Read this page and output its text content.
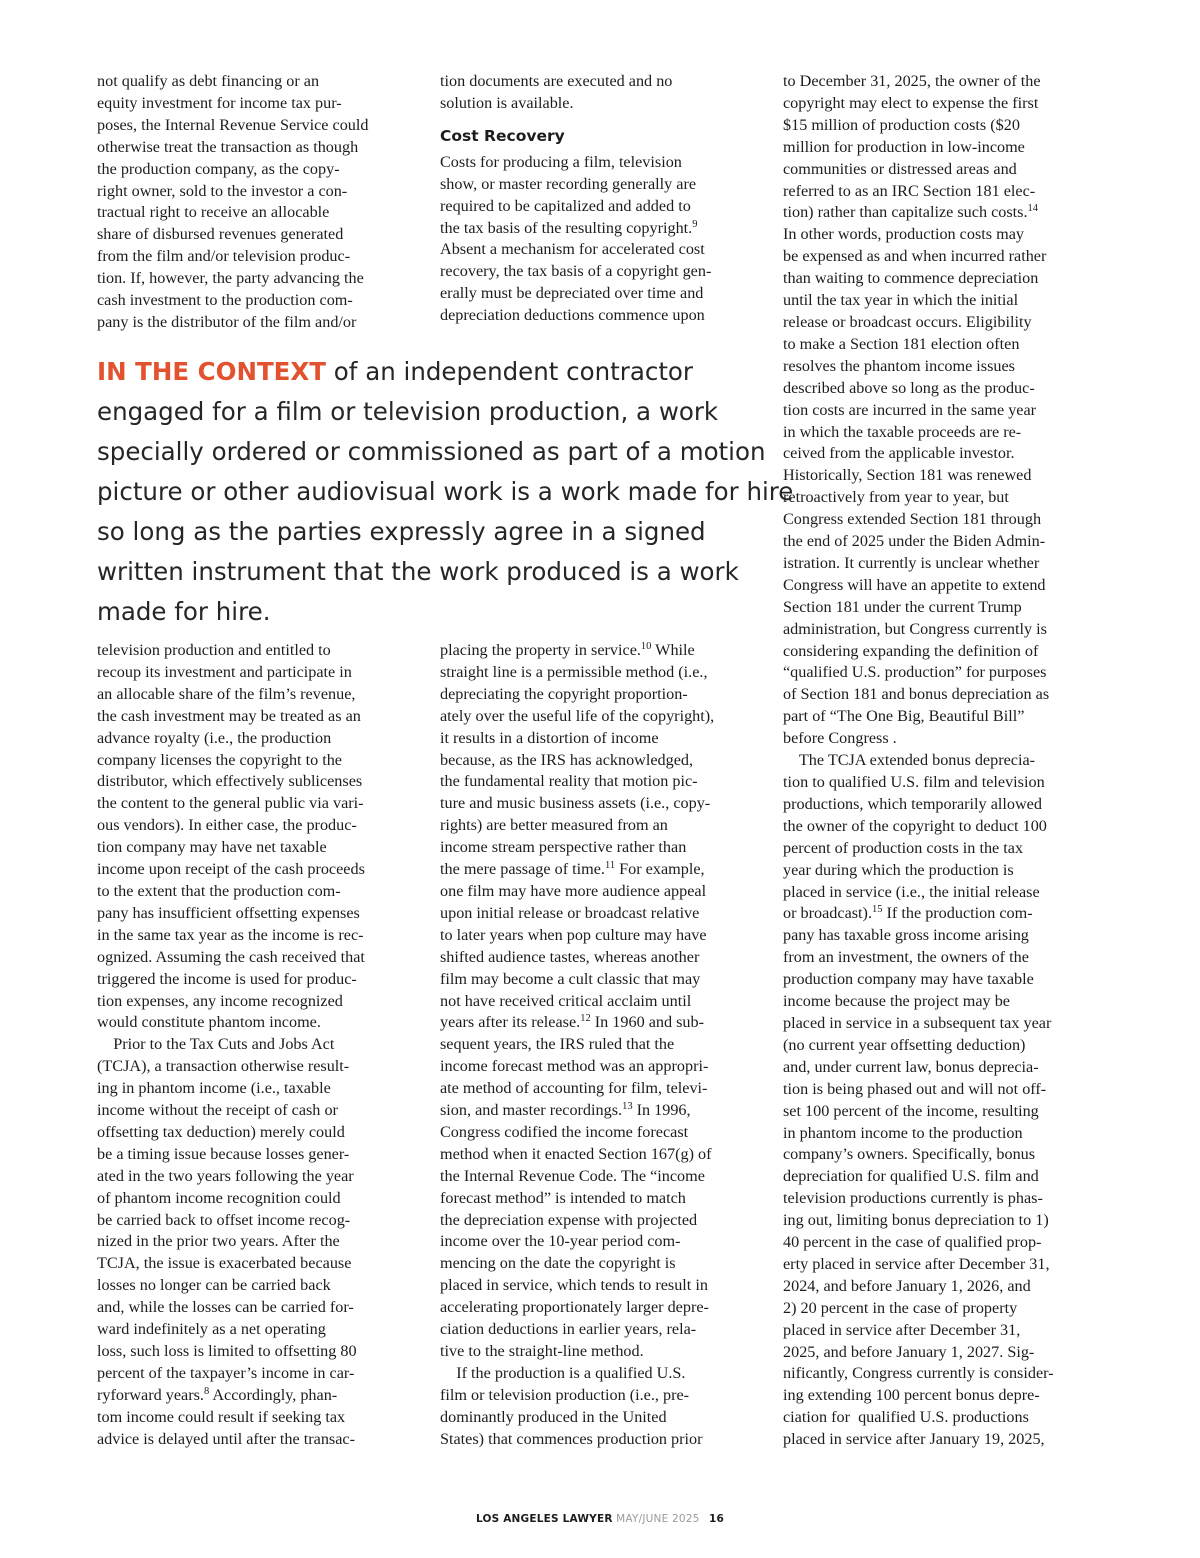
not qualify as debt financing or an

equity investment for income tax pur-

poses, the Internal Revenue Service could

otherwise treat the transaction as though

the production company, as the copy-

right owner, sold to the investor a con-

tractual right to receive an allocable

share of disbursed revenues generated

from the film and/or television produc-

tion. If, however, the party advancing the

cash investment to the production com-

pany is the distributor of the film and/or

tion documents are executed and no

solution is available.

Cost Recovery

Costs for producing a film, television

show, or master recording generally are

required to be capitalized and added to

the tax basis of the resulting copyright.$^9$

Absent a mechanism for accelerated cost

recovery, the tax basis of a copyright gen-

erally must be depreciated over time and

depreciation deductions commence upon

to December 31, 2025, the owner of the

copyright may elect to expense the first

$15 million of production costs ($20

million for production in low-income

communities or distressed areas and

referred to as an IRC Section 181 elec-

tion) rather than capitalize such costs.$^{14}$

In other words, production costs may

be expensed as and when incurred rather

than waiting to commence depreciation

until the tax year in which the initial

release or broadcast occurs. Eligibility

to make a Section 181 election often

resolves the phantom income issues

described above so long as the produc-

tion costs are incurred in the same year

in which the taxable proceeds are re-

ceived from the applicable investor.

Historically, Section 181 was renewed

retroactively from year to year, but

Congress extended Section 181 through

the end of 2025 under the Biden Admin-

istration. It currently is unclear whether

Congress will have an appetite to extend

Section 181 under the current Trump

administration, but Congress currently is

considering expanding the definition of

“qualified U.S. production” for purposes

of Section 181 and bonus depreciation as

part of “The One Big, Beautiful Bill”

before Congress .

The TCJA extended bonus deprecia-

tion to qualified U.S. film and television

productions, which temporarily allowed

the owner of the copyright to deduct 100

percent of production costs in the tax

year during which the production is

placed in service (i.e., the initial release

or broadcast).$^{15}$ If the production com-

pany has taxable gross income arising

from an investment, the owners of the

production company may have taxable

income because the project may be

placed in service in a subsequent tax year

(no current year offsetting deduction)

and, under current law, bonus deprecia-

tion is being phased out and will not off-

set 100 percent of the income, resulting

in phantom income to the production

company’s owners. Specifically, bonus

depreciation for qualified U.S. film and

television productions currently is phas-

ing out, limiting bonus depreciation to 1)

40 percent in the case of qualified prop-

erty placed in service after December 31,

2024, and before January 1, 2026, and

2) 20 percent in the case of property

placed in service after December 31,

2025, and before January 1, 2027. Sig-

nificantly, Congress currently is consider-

ing extending 100 percent bonus depre-

ciation for  qualified U.S. productions

placed in service after January 19, 2025,

IN THE CONTEXT of an independent contractor

engaged for a film or television production, a work

specially ordered or commissioned as part of a motion

picture or other audiovisual work is a work made for hire

so long as the parties expressly agree in a signed

written instrument that the work produced is a work

made for hire.

television production and entitled to

recoup its investment and participate in

an allocable share of the film’s revenue,

the cash investment may be treated as an

advance royalty (i.e., the production

company licenses the copyright to the

distributor, which effectively sublicenses

the content to the general public via vari-

ous vendors). In either case, the produc-

tion company may have net taxable

income upon receipt of the cash proceeds

to the extent that the production com-

pany has insufficient offsetting expenses

in the same tax year as the income is rec-

ognized. Assuming the cash received that

triggered the income is used for produc-

tion expenses, any income recognized

would constitute phantom income.

Prior to the Tax Cuts and Jobs Act

(TCJA), a transaction otherwise result-

ing in phantom income (i.e., taxable

income without the receipt of cash or

offsetting tax deduction) merely could

be a timing issue because losses gener-

ated in the two years following the year

of phantom income recognition could

be carried back to offset income recog-

nized in the prior two years. After the

TCJA, the issue is exacerbated because

losses no longer can be carried back

and, while the losses can be carried for-

ward indefinitely as a net operating

loss, such loss is limited to offsetting 80

percent of the taxpayer’s income in car-

ryforward years.$^8$ Accordingly, phan-

tom income could result if seeking tax

advice is delayed until after the transac-

placing the property in service.$^{10}$ While

straight line is a permissible method (i.e.,

depreciating the copyright proportion-

ately over the useful life of the copyright),

it results in a distortion of income

because, as the IRS has acknowledged,

the fundamental reality that motion pic-

ture and music business assets (i.e., copy-

rights) are better measured from an

income stream perspective rather than

the mere passage of time.$^{11}$ For example,

one film may have more audience appeal

upon initial release or broadcast relative

to later years when pop culture may have

shifted audience tastes, whereas another

film may become a cult classic that may

not have received critical acclaim until

years after its release.$^{12}$ In 1960 and sub-

sequent years, the IRS ruled that the

income forecast method was an appropri-

ate method of accounting for film, televi-

sion, and master recordings.$^{13}$ In 1996,

Congress codified the income forecast

method when it enacted Section 167(g) of

the Internal Revenue Code. The “income

forecast method” is intended to match

the depreciation expense with projected

income over the 10-year period com-

mencing on the date the copyright is

placed in service, which tends to result in

accelerating proportionately larger depre-

ciation deductions in earlier years, rela-

tive to the straight-line method.

If the production is a qualified U.S.

film or television production (i.e., pre-

dominantly produced in the United

States) that commences production prior

LOS ANGELES LAWYER MAY/JUNE 2025 16
